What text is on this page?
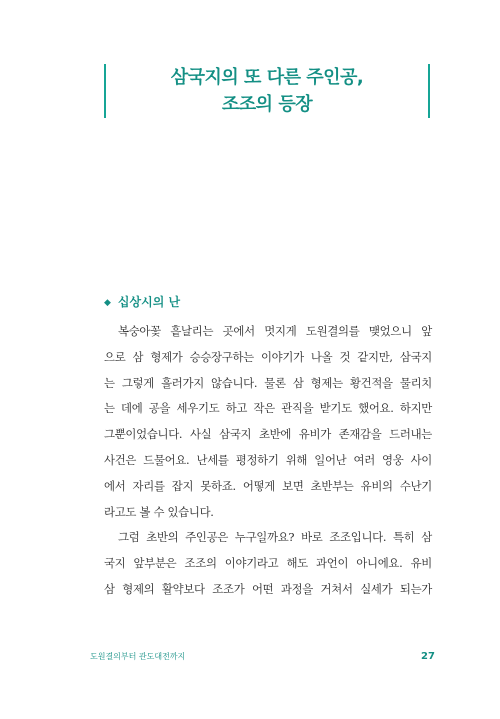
삼국지의 또 다른 주인공,
조조의 등장
◆ 십상시의 난
복숭아꽃 흩날리는 곳에서 멋지게 도원결의를 맺었으니 앞
으로 삼 형제가 승승장구하는 이야기가 나올 것 같지만, 삼국지
는 그렇게 흘러가지 않습니다. 물론 삼 형제는 황건적을 물리치
는 데에 공을 세우기도 하고 작은 관직을 받기도 했어요. 하지만
그뿐이었습니다. 사실 삼국지 초반에 유비가 존재감을 드러내는
사건은 드물어요. 난세를 평정하기 위해 일어난 여러 영웅 사이
에서 자리를 잡지 못하죠. 어떻게 보면 초반부는 유비의 수난기
라고도 볼 수 있습니다.
그럼 초반의 주인공은 누구일까요? 바로 조조입니다. 특히 삼
국지 앞부분은 조조의 이야기라고 해도 과언이 아니에요. 유비
삼 형제의 활약보다 조조가 어떤 과정을 거쳐서 실세가 되는가
도원결의부터 관도대전까지	27
